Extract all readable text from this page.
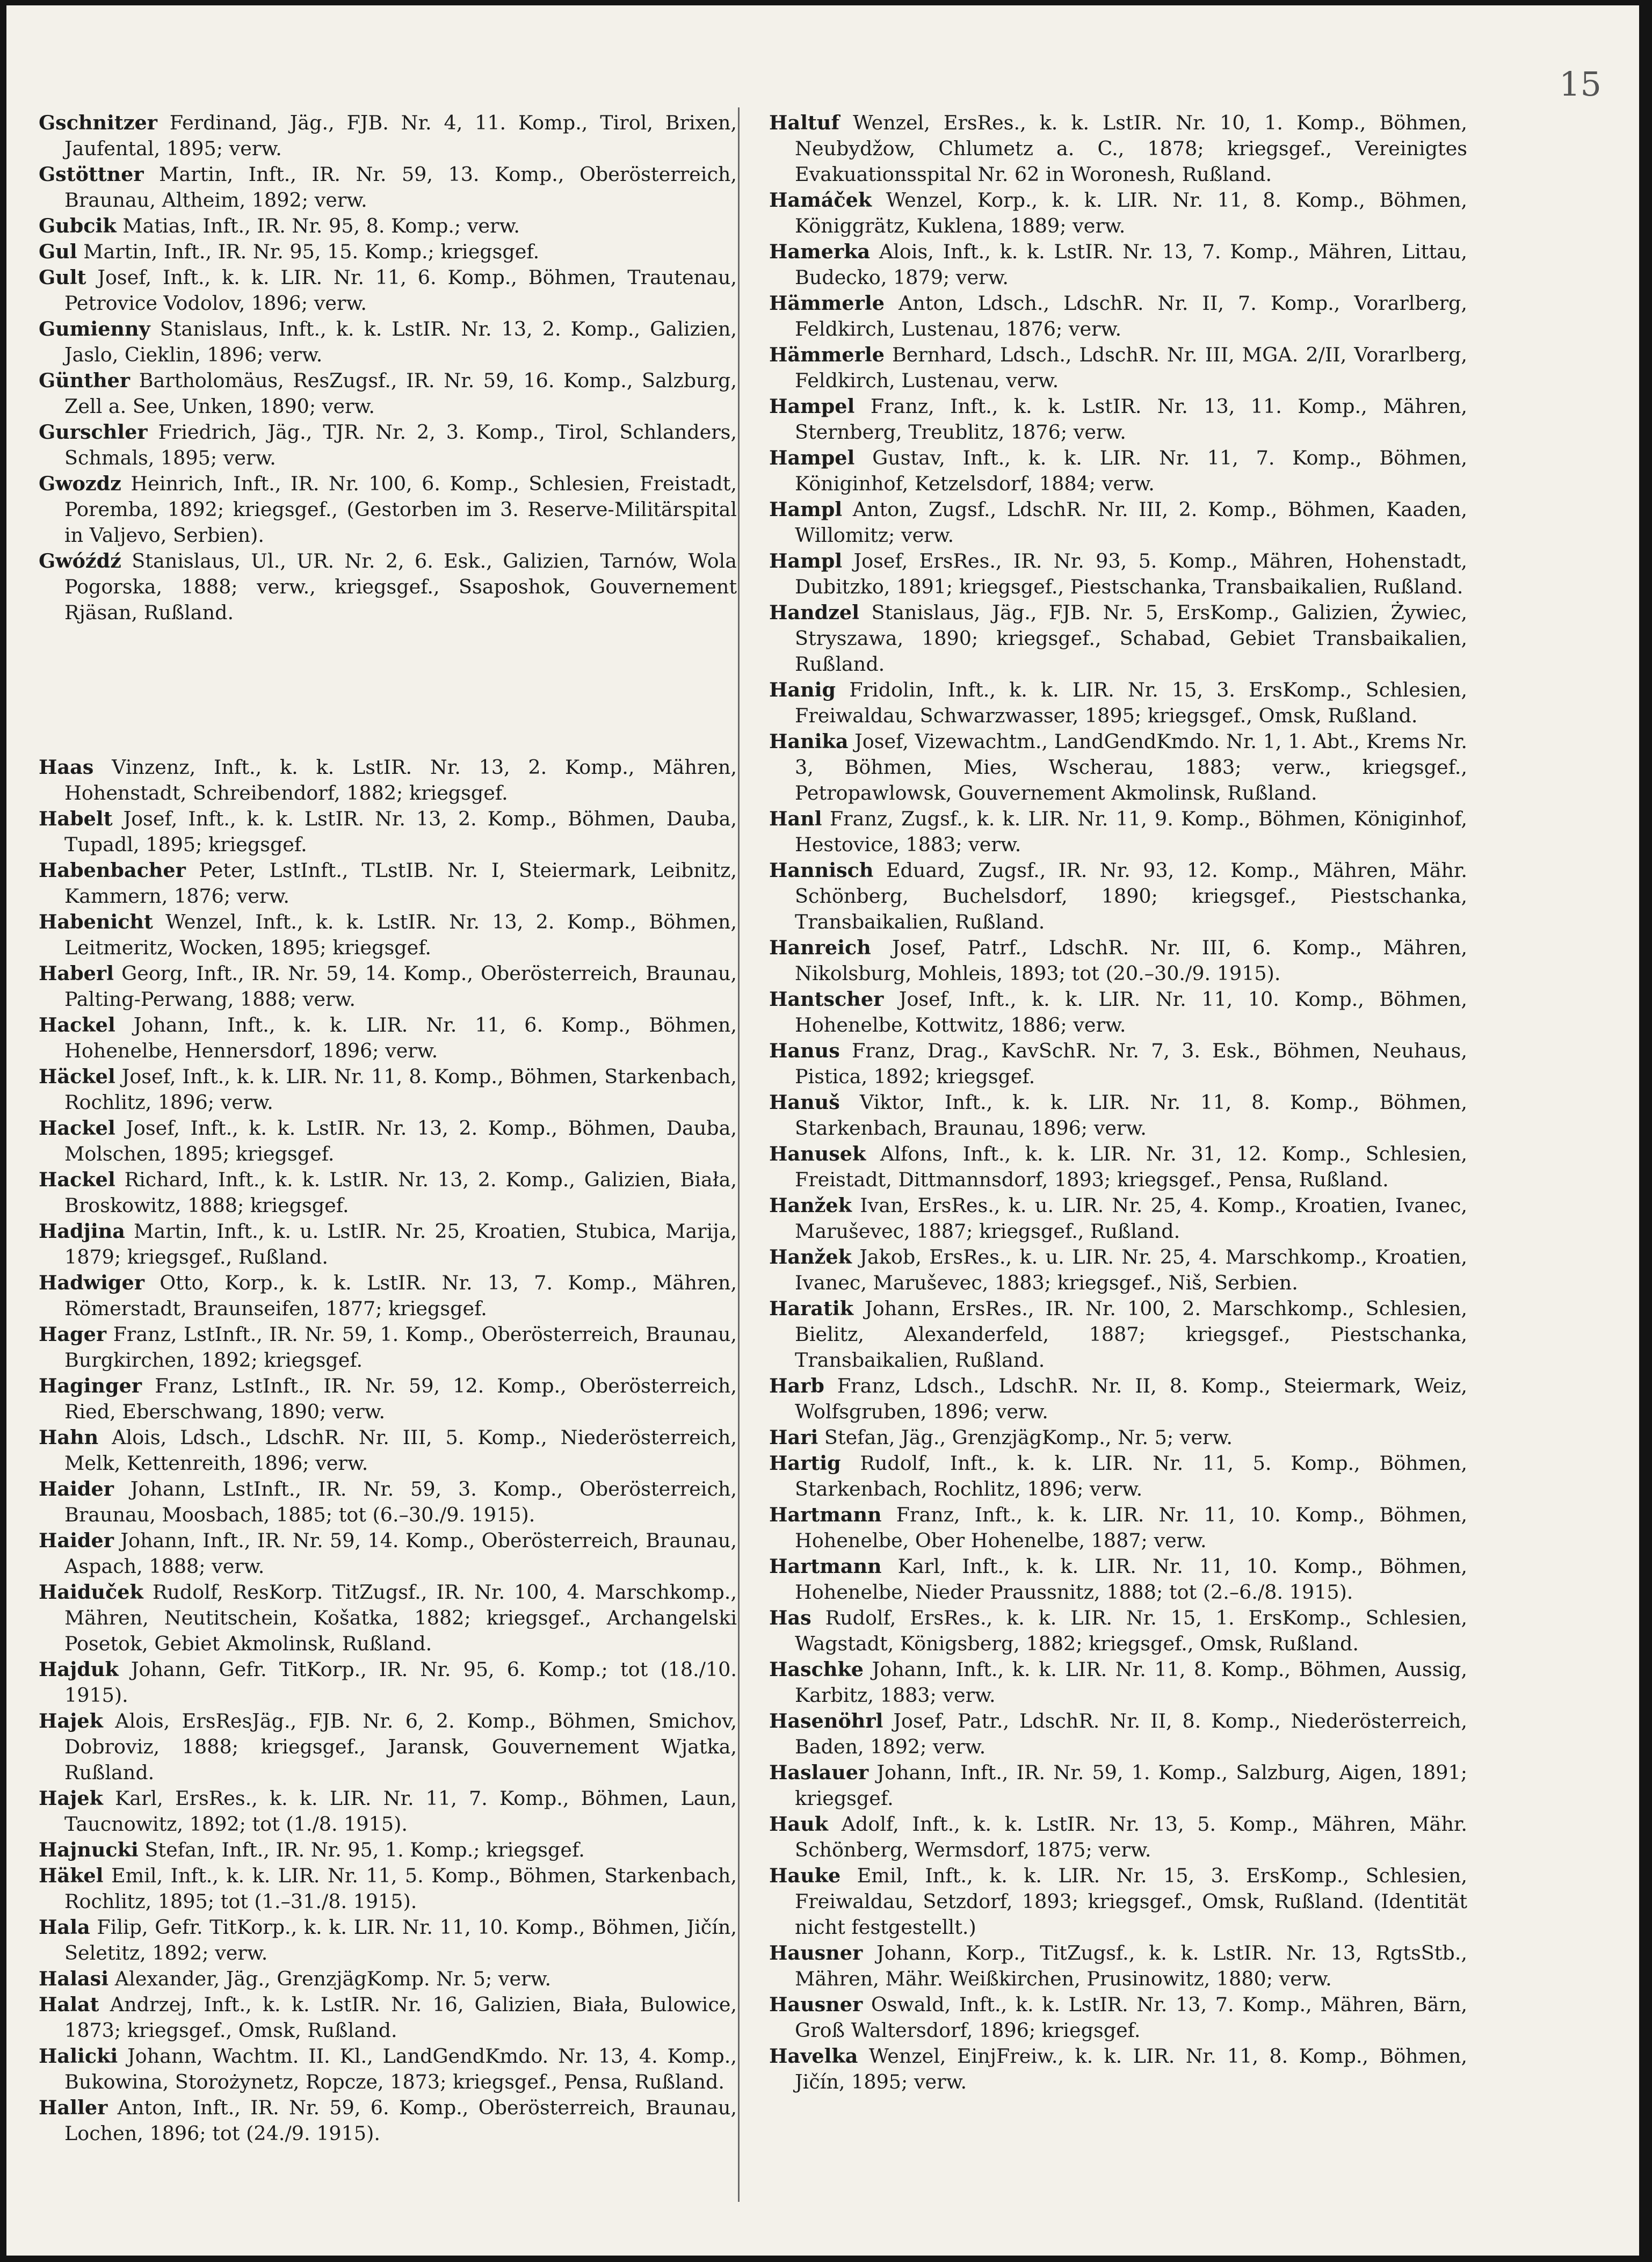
15

Gschnitzer Ferdinand, Jäg., FJB. Nr. 4, 11. Komp., Tirol, Brixen, Jaufental, 1895; verw.

Gstöttner Martin, Inft., IR. Nr. 59, 13. Komp., Oberösterreich, Braunau, Altheim, 1892; verw.

Gubcik Matias, Inft., IR. Nr. 95, 8. Komp.; verw.

Gul Martin, Inft., IR. Nr. 95, 15. Komp.; kriegsgef.

Gult Josef, Inft., k. k. LIR. Nr. 11, 6. Komp., Böhmen, Trautenau, Petrovice Vodolov, 1896; verw.

Gumienny Stanislaus, Inft., k. k. LstIR. Nr. 13, 2. Komp., Galizien, Jaslo, Cieklin, 1896; verw.

Günther Bartholomäus, ResZugsf., IR. Nr. 59, 16. Komp., Salzburg, Zell a. See, Unken, 1890; verw.

Gurschler Friedrich, Jäg., TJR. Nr. 2, 3. Komp., Tirol, Schlanders, Schmals, 1895; verw.

Gwozdz Heinrich, Inft., IR. Nr. 100, 6. Komp., Schlesien, Freistadt, Poremba, 1892; kriegsgef., (Gestorben im 3. Reserve-Militärspital in Valjevo, Serbien).

Gwóźdź Stanislaus, Ul., UR. Nr. 2, 6. Esk., Galizien, Tarnów, Wola Pogorska, 1888; verw., kriegsgef., Ssaposhok, Gouvernement Rjäsan, Rußland.

Haas Vinzenz, Inft., k. k. LstIR. Nr. 13, 2. Komp., Mähren, Hohenstadt, Schreibendorf, 1882; kriegsgef.

Habelt Josef, Inft., k. k. LstIR. Nr. 13, 2. Komp., Böhmen, Dauba, Tupadl, 1895; kriegsgef.

Habenbacher Peter, LstInft., TLstIB. Nr. I, Steiermark, Leibnitz, Kammern, 1876; verw.

Habenicht Wenzel, Inft., k. k. LstIR. Nr. 13, 2. Komp., Böhmen, Leitmeritz, Wocken, 1895; kriegsgef.

Haberl Georg, Inft., IR. Nr. 59, 14. Komp., Oberösterreich, Braunau, Palting-Perwang, 1888; verw.

Hackel Johann, Inft., k. k. LIR. Nr. 11, 6. Komp., Böhmen, Hohenelbe, Hennersdorf, 1896; verw.

Häckel Josef, Inft., k. k. LIR. Nr. 11, 8. Komp., Böhmen, Starkenbach, Rochlitz, 1896; verw.

Hackel Josef, Inft., k. k. LstIR. Nr. 13, 2. Komp., Böhmen, Dauba, Molschen, 1895; kriegsgef.

Hackel Richard, Inft., k. k. LstIR. Nr. 13, 2. Komp., Galizien, Biała, Broskowitz, 1888; kriegsgef.

Hadjina Martin, Inft., k. u. LstIR. Nr. 25, Kroatien, Stubica, Marija, 1879; kriegsgef., Rußland.

Hadwiger Otto, Korp., k. k. LstIR. Nr. 13, 7. Komp., Mähren, Römerstadt, Braunseifen, 1877; kriegsgef.

Hager Franz, LstInft., IR. Nr. 59, 1. Komp., Oberösterreich, Braunau, Burgkirchen, 1892; kriegsgef.

Haginger Franz, LstInft., IR. Nr. 59, 12. Komp., Oberösterreich, Ried, Eberschwang, 1890; verw.

Hahn Alois, Ldsch., LdschR. Nr. III, 5. Komp., Niederösterreich, Melk, Kettenreith, 1896; verw.

Haider Johann, LstInft., IR. Nr. 59, 3. Komp., Oberösterreich, Braunau, Moosbach, 1885; tot (6.–30./9. 1915).

Haider Johann, Inft., IR. Nr. 59, 14. Komp., Oberösterreich, Braunau, Aspach, 1888; verw.

Haiduček Rudolf, ResKorp. TitZugsf., IR. Nr. 100, 4. Marschkomp., Mähren, Neutitschein, Košatka, 1882; kriegsgef., Archangelski Posetok, Gebiet Akmolinsk, Rußland.

Hajduk Johann, Gefr. TitKorp., IR. Nr. 95, 6. Komp.; tot (18./10. 1915).

Hajek Alois, ErsResJäg., FJB. Nr. 6, 2. Komp., Böhmen, Smichov, Dobroviz, 1888; kriegsgef., Jaransk, Gouvernement Wjatka, Rußland.

Hajek Karl, ErsRes., k. k. LIR. Nr. 11, 7. Komp., Böhmen, Laun, Taucnowitz, 1892; tot (1./8. 1915).

Hajnucki Stefan, Inft., IR. Nr. 95, 1. Komp.; kriegsgef.

Häkel Emil, Inft., k. k. LIR. Nr. 11, 5. Komp., Böhmen, Starkenbach, Rochlitz, 1895; tot (1.–31./8. 1915).

Hala Filip, Gefr. TitKorp., k. k. LIR. Nr. 11, 10. Komp., Böhmen, Jičín, Seletitz, 1892; verw.

Halasi Alexander, Jäg., GrenzjägKomp. Nr. 5; verw.

Halat Andrzej, Inft., k. k. LstIR. Nr. 16, Galizien, Biała, Bulowice, 1873; kriegsgef., Omsk, Rußland.

Halicki Johann, Wachtm. II. Kl., LandGendKmdo. Nr. 13, 4. Komp., Bukowina, Storożynetz, Ropcze, 1873; kriegsgef., Pensa, Rußland.

Haller Anton, Inft., IR. Nr. 59, 6. Komp., Oberösterreich, Braunau, Lochen, 1896; tot (24./9. 1915).

Haltuf Wenzel, ErsRes., k. k. LstIR. Nr. 10, 1. Komp., Böhmen, Neubydžow, Chlumetz a. C., 1878; kriegsgef., Vereinigtes Evakuationsspital Nr. 62 in Woronesh, Rußland.

Hamáček Wenzel, Korp., k. k. LIR. Nr. 11, 8. Komp., Böhmen, Königgrätz, Kuklena, 1889; verw.

Hamerka Alois, Inft., k. k. LstIR. Nr. 13, 7. Komp., Mähren, Littau, Budecko, 1879; verw.

Hämmerle Anton, Ldsch., LdschR. Nr. II, 7. Komp., Vorarlberg, Feldkirch, Lustenau, 1876; verw.

Hämmerle Bernhard, Ldsch., LdschR. Nr. III, MGA. 2/II, Vorarlberg, Feldkirch, Lustenau, verw.

Hampel Franz, Inft., k. k. LstIR. Nr. 13, 11. Komp., Mähren, Sternberg, Treublitz, 1876; verw.

Hampel Gustav, Inft., k. k. LIR. Nr. 11, 7. Komp., Böhmen, Königinhof, Ketzelsdorf, 1884; verw.

Hampl Anton, Zugsf., LdschR. Nr. III, 2. Komp., Böhmen, Kaaden, Willomitz; verw.

Hampl Josef, ErsRes., IR. Nr. 93, 5. Komp., Mähren, Hohenstadt, Dubitzko, 1891; kriegsgef., Piestschanka, Transbaikalien, Rußland.

Handzel Stanislaus, Jäg., FJB. Nr. 5, ErsKomp., Galizien, Żywiec, Stryszawa, 1890; kriegsgef., Schabad, Gebiet Transbaikalien, Rußland.

Hanig Fridolin, Inft., k. k. LIR. Nr. 15, 3. ErsKomp., Schlesien, Freiwaldau, Schwarzwasser, 1895; kriegsgef., Omsk, Rußland.

Hanika Josef, Vizewachtm., LandGendKmdo. Nr. 1, 1. Abt., Krems Nr. 3, Böhmen, Mies, Wscherau, 1883; verw., kriegsgef., Petropawlowsk, Gouvernement Akmolinsk, Rußland.

Hanl Franz, Zugsf., k. k. LIR. Nr. 11, 9. Komp., Böhmen, Königinhof, Hestovice, 1883; verw.

Hannisch Eduard, Zugsf., IR. Nr. 93, 12. Komp., Mähren, Mähr. Schönberg, Buchelsdorf, 1890; kriegsgef., Piestschanka, Transbaikalien, Rußland.

Hanreich Josef, Patrf., LdschR. Nr. III, 6. Komp., Mähren, Nikolsburg, Mohleis, 1893; tot (20.–30./9. 1915).

Hantscher Josef, Inft., k. k. LIR. Nr. 11, 10. Komp., Böhmen, Hohenelbe, Kottwitz, 1886; verw.

Hanus Franz, Drag., KavSchR. Nr. 7, 3. Esk., Böhmen, Neuhaus, Pistica, 1892; kriegsgef.

Hanuš Viktor, Inft., k. k. LIR. Nr. 11, 8. Komp., Böhmen, Starkenbach, Braunau, 1896; verw.

Hanusek Alfons, Inft., k. k. LIR. Nr. 31, 12. Komp., Schlesien, Freistadt, Dittmannsdorf, 1893; kriegsgef., Pensa, Rußland.

Hanžek Ivan, ErsRes., k. u. LIR. Nr. 25, 4. Komp., Kroatien, Ivanec, Maruševec, 1887; kriegsgef., Rußland.

Hanžek Jakob, ErsRes., k. u. LIR. Nr. 25, 4. Marschkomp., Kroatien, Ivanec, Maruševec, 1883; kriegsgef., Niš, Serbien.

Haratik Johann, ErsRes., IR. Nr. 100, 2. Marschkomp., Schlesien, Bielitz, Alexanderfeld, 1887; kriegsgef., Piestschanka, Transbaikalien, Rußland.

Harb Franz, Ldsch., LdschR. Nr. II, 8. Komp., Steiermark, Weiz, Wolfsgruben, 1896; verw.

Hari Stefan, Jäg., GrenzjägKomp., Nr. 5; verw.

Hartig Rudolf, Inft., k. k. LIR. Nr. 11, 5. Komp., Böhmen, Starkenbach, Rochlitz, 1896; verw.

Hartmann Franz, Inft., k. k. LIR. Nr. 11, 10. Komp., Böhmen, Hohenelbe, Ober Hohenelbe, 1887; verw.

Hartmann Karl, Inft., k. k. LIR. Nr. 11, 10. Komp., Böhmen, Hohenelbe, Nieder Praussnitz, 1888; tot (2.–6./8. 1915).

Has Rudolf, ErsRes., k. k. LIR. Nr. 15, 1. ErsKomp., Schlesien, Wagstadt, Königsberg, 1882; kriegsgef., Omsk, Rußland.

Haschke Johann, Inft., k. k. LIR. Nr. 11, 8. Komp., Böhmen, Aussig, Karbitz, 1883; verw.

Hasenöhrl Josef, Patr., LdschR. Nr. II, 8. Komp., Niederösterreich, Baden, 1892; verw.

Haslauer Johann, Inft., IR. Nr. 59, 1. Komp., Salzburg, Aigen, 1891; kriegsgef.

Hauk Adolf, Inft., k. k. LstIR. Nr. 13, 5. Komp., Mähren, Mähr. Schönberg, Wermsdorf, 1875; verw.

Hauke Emil, Inft., k. k. LIR. Nr. 15, 3. ErsKomp., Schlesien, Freiwaldau, Setzdorf, 1893; kriegsgef., Omsk, Rußland. (Identität nicht festgestellt.)

Hausner Johann, Korp., TitZugsf., k. k. LstIR. Nr. 13, RgtsStb., Mähren, Mähr. Weißkirchen, Prusinowitz, 1880; verw.

Hausner Oswald, Inft., k. k. LstIR. Nr. 13, 7. Komp., Mähren, Bärn, Groß Waltersdorf, 1896; kriegsgef.

Havelka Wenzel, EinjFreiw., k. k. LIR. Nr. 11, 8. Komp., Böhmen, Jičín, 1895; verw.
